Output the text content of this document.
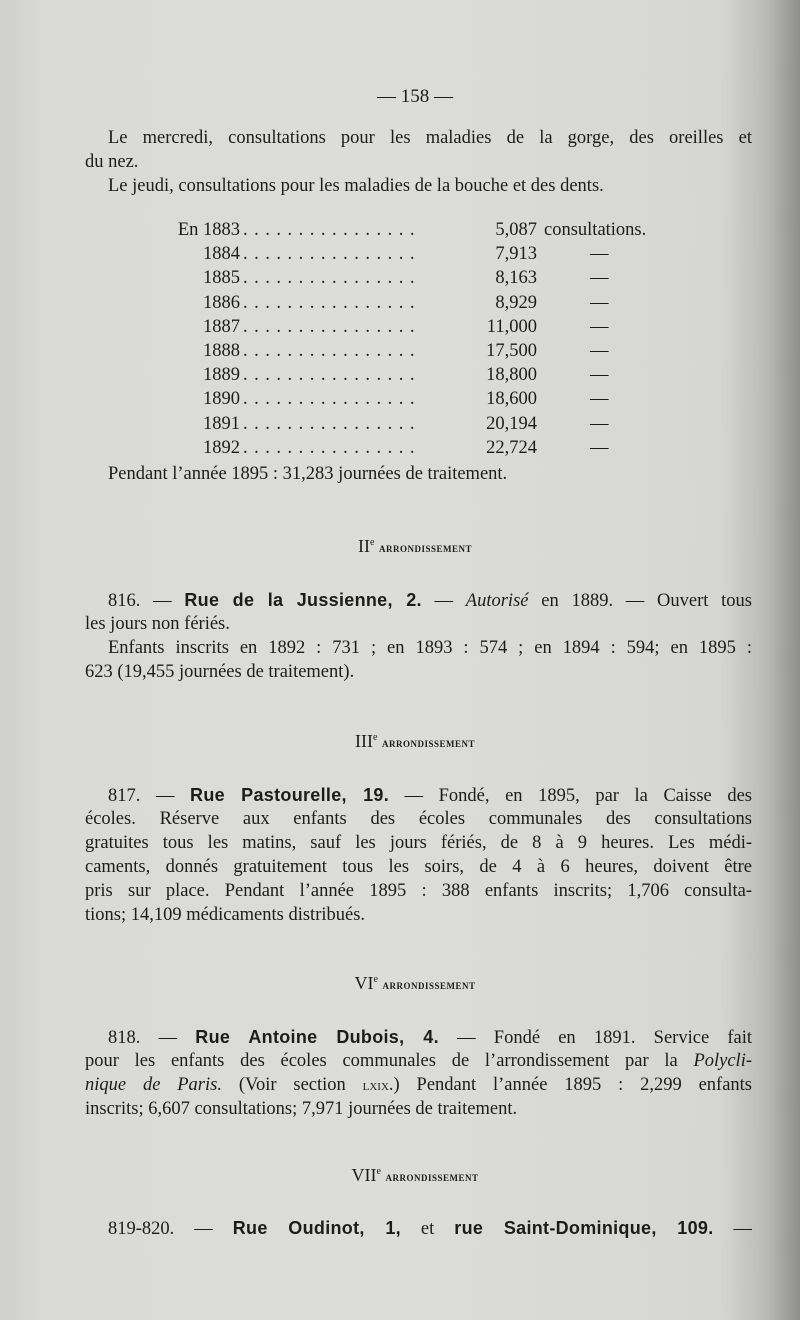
— 158 —
Le mercredi, consultations pour les maladies de la gorge, des oreilles et
du nez.
Le jeudi, consultations pour les maladies de la bouche et des dents.
En 1883 ................	5,087 consultations.
1884 ................	7,913	—
1885 ................	8,163	—
1886 ................	8,929	—
1887 ................	11,000	—
1888 ................	17,500	—
1889 ................	18,800	—
1890 ................	18,600	—
1891 ................	20,194	—
1892 ................	22,724	—
Pendant l’année 1895 : 31,283 journées de traitement.
IIe arrondissement
816. — Rue de la Jussienne, 2. — Autorisé en 1889. — Ouvert tous
les jours non fériés.
Enfants inscrits en 1892 : 731 ; en 1893 : 574 ; en 1894 : 594; en 1895 :
623 (19,455 journées de traitement).
IIIe arrondissement
817. — Rue Pastourelle, 19. — Fondé, en 1895, par la Caisse des
écoles. Réserve aux enfants des écoles communales des consultations
gratuites tous les matins, sauf les jours fériés, de 8 à 9 heures. Les médi-
caments, donnés gratuitement tous les soirs, de 4 à 6 heures, doivent être
pris sur place. Pendant l’année 1895 : 388 enfants inscrits; 1,706 consulta-
tions; 14,109 médicaments distribués.
VIe arrondissement
818. — Rue Antoine Dubois, 4. — Fondé en 1891. Service fait
pour les enfants des écoles communales de l’arrondissement par la Polycli-
nique de Paris. (Voir section lxix.) Pendant l’année 1895 : 2,299 enfants
inscrits; 6,607 consultations; 7,971 journées de traitement.
VIIe arrondissement
819-820. — Rue Oudinot, 1, et rue Saint-Dominique, 109. —
